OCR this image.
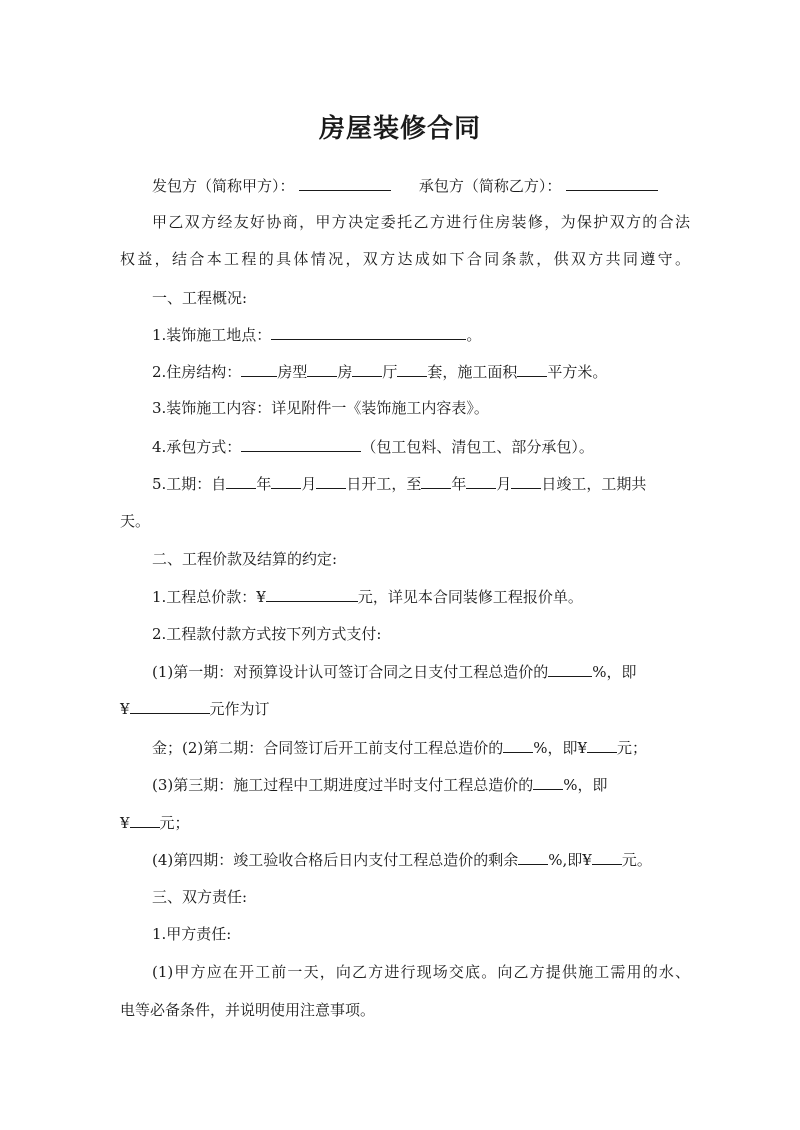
房屋装修合同
发包方（简称甲方）：	承包方（简称乙方）：
甲乙双方经友好协商，甲方决定委托乙方进行住房装修，为保护双方的合法
权益，结合本工程的具体情况，双方达成如下合同条款，供双方共同遵守。
一、工程概况:
1.装饰施工地点：	。
2.住房结构： 房型 房 厅 套，施工面积 平方米。
3.装饰施工内容：详见附件一《装饰施工内容表》。
4.承包方式：	（包工包料、清包工、部分承包）。
5.工期：自 年 月 日开工，至 年 月 日竣工，工期共
天。
二、工程价款及结算的约定:
1.工程总价款：¥	元，详见本合同装修工程报价单。
2.工程款付款方式按下列方式支付:
(1)第一期：对预算设计认可签订合同之日支付工程总造价的	%，即
¥	元作为订
金；(2)第二期：合同签订后开工前支付工程总造价的 %，即¥ 元；
(3)第三期：施工过程中工期进度过半时支付工程总造价的 %，即
¥ 元；
(4)第四期：竣工验收合格后日内支付工程总造价的剩余 %,即¥ 元。
三、双方责任:
1.甲方责任:
(1)甲方应在开工前一天，向乙方进行现场交底。向乙方提供施工需用的水、
电等必备条件，并说明使用注意事项。
